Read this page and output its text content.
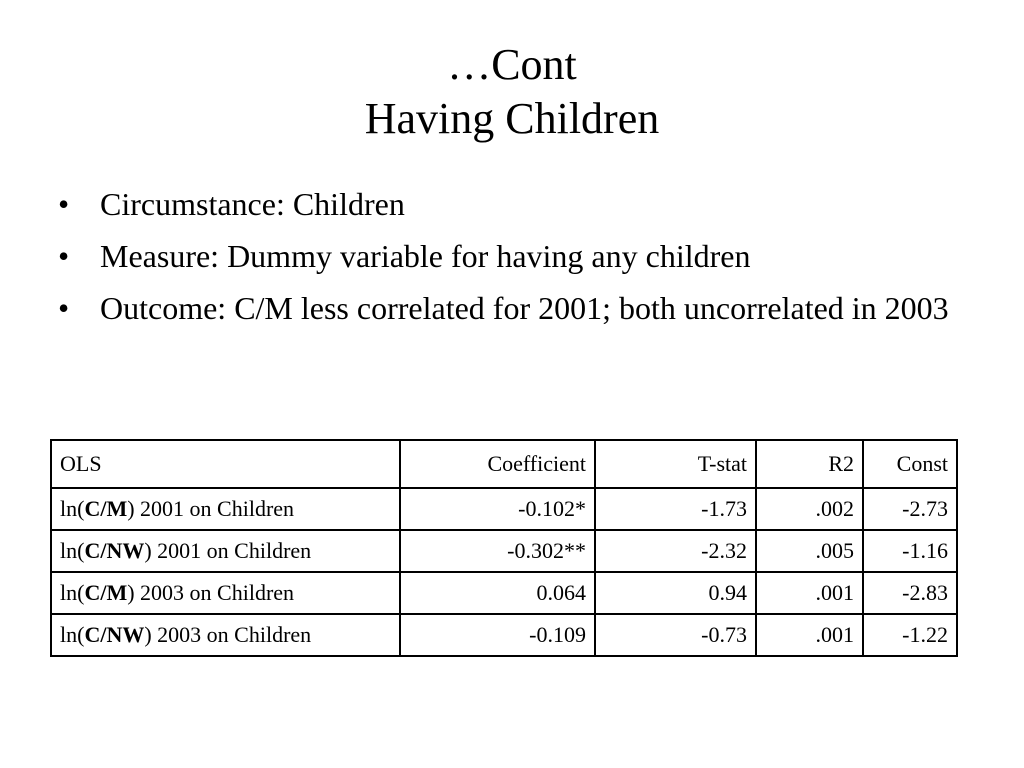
…Cont
Having Children
• Circumstance: Children
• Measure: Dummy variable for having any children
• Outcome: C/M less correlated for 2001; both uncorrelated in 2003
OLS	Coefficient	T-stat	R2	Const
ln(C/M) 2001 on Children	-0.102*	-1.73	.002	-2.73
ln(C/NW) 2001 on Children	-0.302**	-2.32	.005	-1.16
ln(C/M) 2003 on Children	0.064	0.94	.001	-2.83
ln(C/NW) 2003 on Children	-0.109	-0.73	.001	-1.22
